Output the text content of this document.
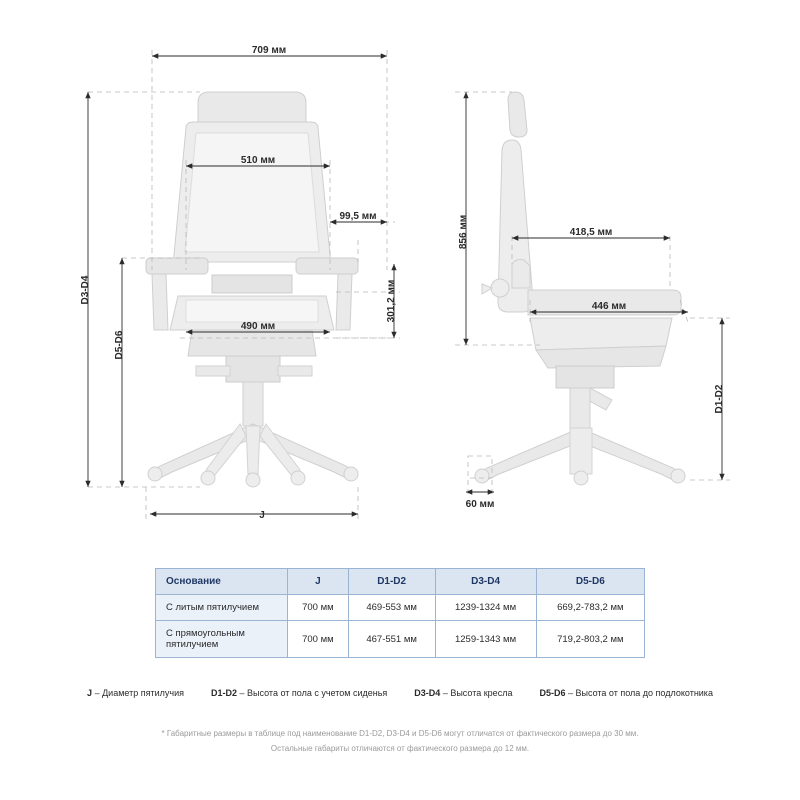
709 мм
510 мм
99,5 мм
490 мм
301,2 мм
D3-D4
D5-D6
J
856 мм	418,5 мм
446 мм
D1-D2
60 мм
Основание	J	D1-D2	D3-D4	D5-D6
С литым пятилучием	700 мм	469-553 мм	1239-1324 мм	669,2-783,2 мм
С прямоугольным пятилучием	700 мм	467-551 мм	1259-1343 мм	719,2-803,2 мм
J – Диаметр пятилучия	D1-D2 – Высота от пола с учетом сиденья	D3-D4 – Высота кресла	D5-D6 – Высота от пола до подлокотника
* Габаритные размеры в таблице под наименование D1-D2, D3-D4 и D5-D6 могут отличатся от фактического размера до 30 мм.
Остальные габариты отличаются от фактического размера до 12 мм.
